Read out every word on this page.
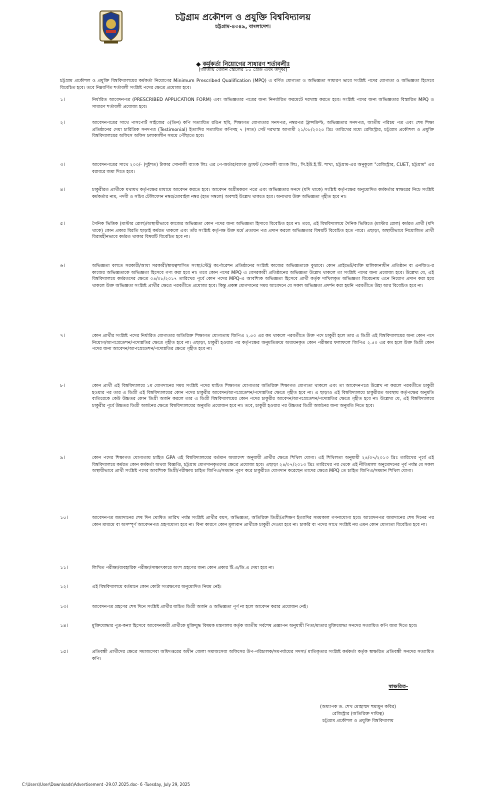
চট্টগ্রাম প্রকৌশল ও প্রযুক্তি বিশ্ববিদ্যালয়
চট্টগ্রাম-৪৩৪৯, বাংলাদেশ।
◆ কর্মকর্তা নিয়োগের সাধারণ শর্তাবলী
(জাতীয় বেতন স্কেলের ১০ গ্রেড এবং তদূর্ধ্ব)
চট্টগ্রাম প্রকৌশল ও প্রযুক্তি বিশ্ববিদ্যালয়ের কর্মকর্তা নিয়োগের Minimum Prescribed Qualification (MPQ) এ বর্ণিত যোগ্যতা ও অভিজ্ঞতা সাধারণ ভাবে সংশ্লিষ্ট পদের যোগ্যতা ও অভিজ্ঞতা হিসেবে বিবেচিত হবে। তবে নিম্নবর্ণিত শর্তাবলী সংশ্লিষ্ট পদের ক্ষেত্রে প্রযোজ্য হবে।
১।	নির্ধারিত আবেদনপত্র (PRESCRIBED APPLICATION FORM) এবং অভিজ্ঞতার পত্রের জন্য নিনর্ধারিত ফরমেটে দরখাস্ত করতে হবে। সংশ্লিষ্ট পদের জন্য অভিজ্ঞতার বিস্তারিত MPQ ও সাধারণ শর্তাবলী প্রযোজ্য হবে।
২।	আবেদনপত্রের সাথে পাসপোর্ট সাইজের ৩(তিন) কপি সত্যায়িত রঙিন ছবি, শিক্ষাগত যোগ্যতার সনদপত্র, নম্বরপত্র ট্রান্সক্রিপ্ট, অভিজ্ঞতার সনদপত্র, জাতীয় পরিচয় পত্র এবং শেষ শিক্ষা প্রতিষ্ঠানের দেয়া চারিত্রিক সনদপত্র (Testimonial) ইত্যাদির সত্যায়িত কপিসহ ৭ (সাত) সেট দরখাস্ত আগামী ২১/০৮/২০২৫ খ্রিঃ তারিখের মধ্যে রেজিস্ট্রার, চট্টগ্রাম প্রকৌশল ও প্রযুক্তি বিশ্ববিদ্যালয়ের অফিসে অফিস চলাকালীন সময়ে পৌঁছাতে হবে।
৩।	আবেদনপত্রের সাথে ২০০/- (দুইশত) টাকার সোনালী ব্যাংক লিঃ এর পে-অর্ডার/ব্যাংক ড্রাফট (সোনালী ব্যাংক লিঃ, সি.ইউ.ই.টি. শাখা, চট্টগ্রাম-এর অনুকূলে "রেজিস্ট্রার, CUET, চট্টগ্রাম" এর বরাবরে জমা দিতে হবে।
৪।	চাকুরীরত প্রার্থীকে যথাযথ কর্তৃপক্ষের মাধ্যমে আবেদন করতে হবে। আবেদন অগ্রীমকরণ পত্রে এবং অভিজ্ঞতার সনদে (যদি থাকে) সংশ্লিষ্ট কর্তৃপক্ষের অনুমোদিত কর্মকর্তার স্বাক্ষরের নিচে সংশ্লিষ্ট কর্মকর্তার নাম, পদবী ও সচিব টেলিফোন নম্বর/মোবাইল নম্বর (হাত সম্বলে) অবশ্যই উল্লেখ থাকতে হবে। অন্যথায় উক্ত অভিজ্ঞতা গৃহীত হবে না।
৫।	সৈনিক ভিত্তিক (মাস্টার রোল)/অস্থায়ীভাবে কাজের অভিজ্ঞতা কোন পদের জন্য অভিজ্ঞতা হিসাবে বিবেচিত হবে না। তবে, এই বিশ্ববিদ্যালয়ে দৈনিক ভিত্তিতে (মাস্টার রোল) কর্মরত প্রার্থী (যদি থাকে) কোন প্রকার বিরতি ছাড়াই কর্মরত থাকলে এবং তাঁর সংশ্লিষ্ট কর্তৃপক্ষ উক্ত মর্মে প্রত্যয়ন পত্র প্রদান করলে অভিজ্ঞতার বিষয়টি বিবেচিত হতে পারে। এছাড়া, অস্থায়ীভাবে নিয়োজিত প্রার্থী বিরামহীনভাবে কর্মরত থাকার বিষয়টি বিবেচিত হবে না।
৬।	অভিজ্ঞতা বলতে সরকারী/আধা সরকারী/স্বায়ত্বশাসিত সংস্থা/স্টেট্র কর্পোরেশন প্রতিষ্ঠানের সংশ্লিষ্ট কাজের অভিজ্ঞতাকে বুঝাবে। কোন প্রাইভেট/ব্যক্তি মালিকানাধীন প্রতিষ্ঠান বা এনজিও-র কাজের অভিজ্ঞতাকে অভিজ্ঞতা হিসেবে গণ্য করা হবে না। তবে কোন পদের MPQ এ বেসরকারী প্রতিষ্ঠানের অভিজ্ঞতা উল্লেখ থাকলে তা সংশ্লিষ্ট পদের জন্য প্রযোজ্য হবে। উল্লেখ্য যে, এই বিশ্ববিদ্যালয়ে কর্মরতদের ক্ষেত্রে ০৪/০৮/২০১৭ তারিখের পূর্বে কোন পদের MPQ-এ আবশ্যিক অভিজ্ঞতা হিসেবে প্রার্থী কর্তৃক দাখিলকৃত অভিজ্ঞতা বিবেচনায় এনে নিয়োগ প্রদান করা হয়ে থাকলে উক্ত অভিজ্ঞতা সংশ্লিষ্ট প্রার্থীর ক্ষেত্রে পরবর্তীতে প্রযোজ্য হবে। কিন্তু প্রকল্প যোগদানের সময় আবেদনে যে সকল অভিজ্ঞতা প্রদর্শন করা হয়নি পরবর্তীতে উহা আর বিবেচিত হবে না।
৭।	কোন প্রার্থীর সংশ্লিষ্ট পদের নির্ধারিত যোগ্যতার অতিরিক্ত শিক্ষাগত যোগ্যতায় জিপিএ ২.৫০ এর কম থাকলে পরবর্তীতে উক্ত পদে চাকুরী হলে তার এ ডিগ্রী এই বিশ্ববিদ্যালয়ের অন্য কোন পদে নিয়োগ/আপগ্রেডেশন/পদোন্নতির ক্ষেত্রে গৃহীত হবে না। এছাড়া, চাকুরী হওয়ার পর কর্তৃপক্ষের অনুমতিক্রমে অধ্যয়নকৃত কোন পরীক্ষার ফলাফলে জিপিএ ২.৫০ এর কম হলে উক্ত ডিগ্রী কোন পদের জন্য আবেদন/আপগ্রেডেশন/পদোন্নতির ক্ষেত্রে গৃহীত হবে না।
৮।	কোন প্রার্থী এই বিশ্ববিদ্যালয়ে ১ম যোগদানের সময় সংশ্লিষ্ট পদের যাচিত শিক্ষাগত যোগ্যতার অতিরিক্ত শিক্ষাগত যোগ্যতা থাকলে এবং তা আবেদনপত্রে উল্লেখ না করলে পরবর্তীতে চাকুরী হওয়ার পর তার এ ডিগ্রী এই বিশ্ববিদ্যালয়ের কোন পদের চাকুরীর আবেদন/আপগ্রেডেশন/পদোন্নতির ক্ষেত্রে গৃহীত হবে না। এ ছাড়াও এই বিশ্ববিদ্যালয়ে চাকুরীরত অবস্থায় কর্তৃপক্ষের অনুমতি ব্যতিরেকে কেউ উচ্চতর কোন ডিগ্রী অর্জন করলে তার এ ডিগ্রী বিশ্ববিদ্যালয়ের কোন পদের চাকুরীর আবেদন/আপগ্রেডেশন/পদোন্নতির ক্ষেত্রে গৃহীত হবে না। উল্লেখ্য যে, এই বিশ্ববিদ্যালয়ে চাকুরীর পূর্বে উচ্চতর ডিগ্রী অর্জনের ক্ষেত্রে বিশ্ববিদ্যালয়ের অনুমতি প্রয়োজন হবে না। তবে, চাকুরী হওয়ার পর উচ্চতর ডিগ্রী অর্জনের জন্য অনুমতি নিতে হবে।
৯।	কোন পদের শিক্ষাগত যোগ্যতায় চাহিত GPA এই বিশ্ববিদ্যালয়ের বর্তমান অধ্যাদেশ অনুযায়ী প্রার্থীর ক্ষেত্রে শিথিল যোগ্য। এই শিথিলতা অনুযায়ী ২৪/০৭/২০১৩ খ্রিঃ তারিখের পূর্বে এই বিশ্ববিদ্যালয়ে কর্মরত কোন কর্মকর্তা অথবা বিজ্ঞপ্তি, চট্টগ্রাম যোগদানকৃতদের ক্ষেত্রে প্রযোজ্য হবে। এছাড়া ২৪/০৭/২০১৩ খ্রিঃ তারিখের পর থেকে এই নীতিমালা অনুমোদনের পূর্ব পর্যন্ত যে সকল অস্থায়ীভাবে প্রার্থী সংশ্লিষ্ট পদের আবশ্যিক ডিগ্রী/পরীক্ষায় চাহিত জিপিএ/সমমান পূরণ করে চাকুরীতে যোগদান করেছেন তাদের ক্ষেত্রে MPQ তে চাহিত জিপিএ/সমমান শিথিল যোগ্য।
১০।	আবেদনপত্র জমাদানের শেষ দিন ঘোষিত তারিখ পর্যন্ত সংশ্লিষ্ট প্রার্থীর বয়স, অভিজ্ঞতা, অতিরিক্ত ডিগ্রী/প্রশিক্ষণ ইত্যাদির সময়কাল গণনাযোগ্য হবে। আবেদনপত্র জমাদানের শেষ দিনের পর কোন মাধ্যমে বা অসম্পূর্ণ আবেদনপত্র গ্রহণযোগ্য হবে না। বিনা কারণে কোন মূল্যবান প্রার্থীকে চাকুরী দেওয়া হবে না। চাকরি বা পদের সাথে সংশ্লিষ্ট নয় এমন কোন যোগ্যতা বিবেচিত হবে না।
১১।	লিখিত পরীক্ষা/ব্যবহারিক পরীক্ষা/সাক্ষাৎকারে অংশ গ্রহণের জন্য কোন প্রকার টি.এ/ডি.এ দেয়া হবে না।
১২।	এই বিশ্ববিদ্যালয়ে বর্তমানে কোন কোটা সংরক্ষণের অনুমোদিত নিয়ম নেই।
১৩।	আবেদনপত্র গ্রহণের শেষ দিনে সংশ্লিষ্ট প্রার্থীর যাচিত ডিগ্রী অর্জন ও অভিজ্ঞতা পূর্ণ না হলে আবেদন করার প্রয়োজন নেই।
১৪।	মুক্তিযোদ্ধার পুত্র-কন্যা হিসেবে আবেদনকারী প্রার্থীকে মুক্তিযুদ্ধ বিষয়ক মন্ত্রণালয় কর্তৃক জাতীয় সর্বশেষ প্রজ্ঞাপন অনুযায়ী পিতা/মাতার মুক্তিযোদ্ধা সনদের সত্যায়িত কপি জমা দিতে হবে।
১৫।	প্রতিবন্ধী প্রার্থীদের ক্ষেত্রে সমাজসেবা অধিদপ্তরের অধীন জেলা সমাজসেবা অফিসের উপ-পরিচালক/সমপর্যায়ের সদস্য/ মাতিকৃত্যর সংশ্লিষ্ট কর্মকর্তা কর্তৃক স্বাক্ষরিত প্রতিবন্ধী সনদের সত্যায়িত কপি।
স্বাক্ষরিত-
(অধ্যাপক ড. শেখ মোহাম্মদ হুমায়ুন কবির)
রেজিস্ট্রার (অতিরিক্ত দায়িত্ব)
চট্টগ্রাম প্রকৌশল ও প্রযুক্তি বিশ্ববিদ্যালয়
C:\Users\User\Downloads\Advertisement -29.07.2025.doc- 6 -Tuesday, July 29, 2025
